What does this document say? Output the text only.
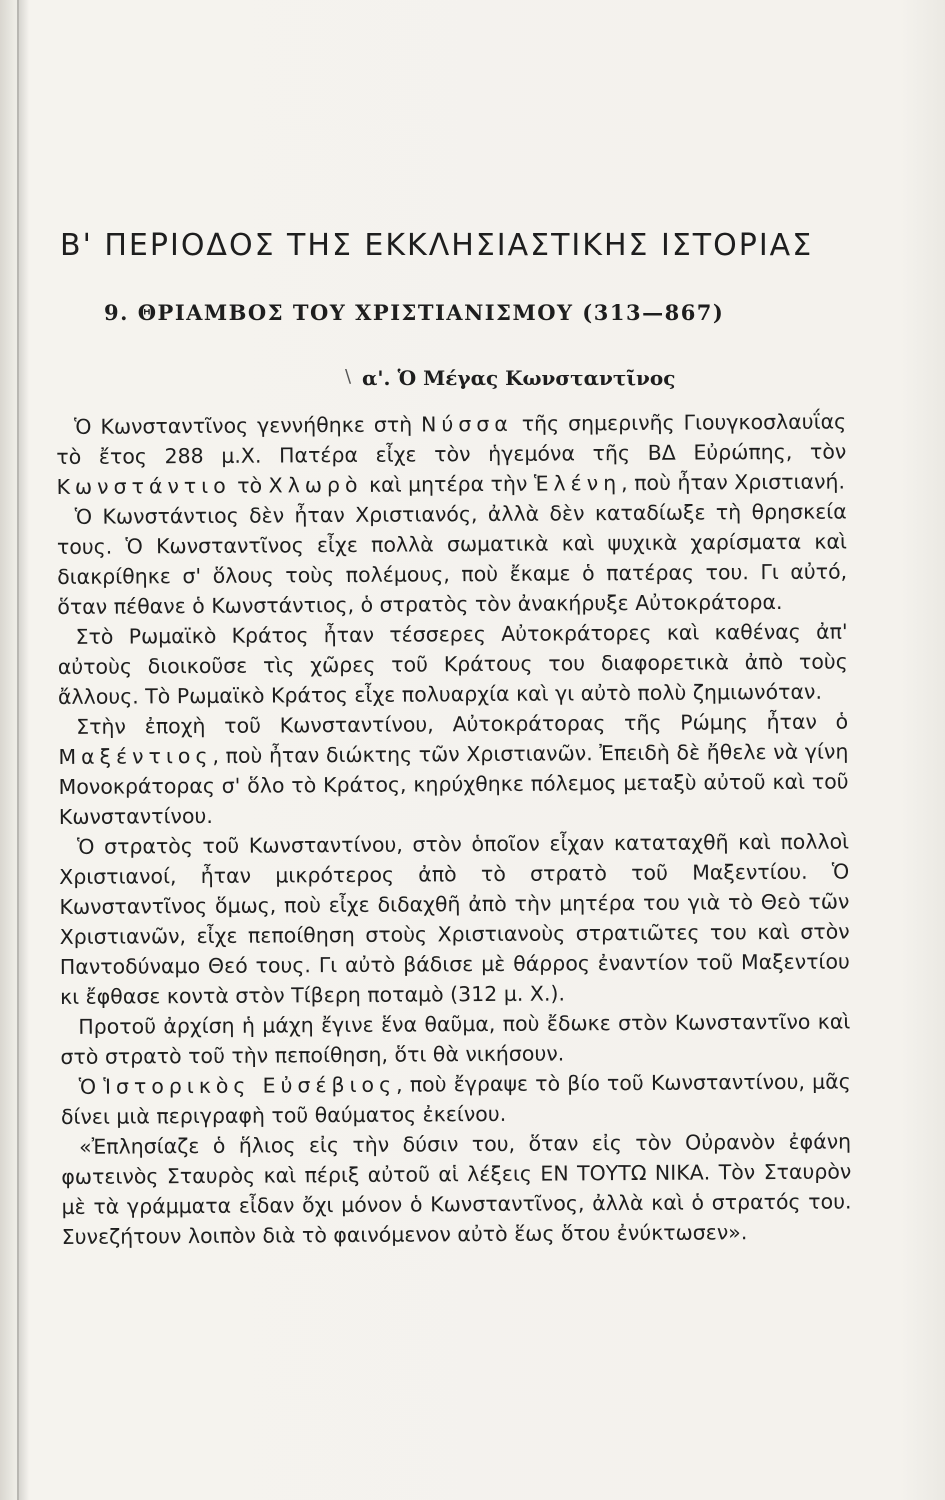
Β' ΠΕΡΙΟΔΟΣ ΤΗΣ ΕΚΚΛΗΣΙΑΣΤΙΚΗΣ ΙΣΤΟΡΙΑΣ
9. ΘΡΙΑΜΒΟΣ ΤΟΥ ΧΡΙΣΤΙΑΝΙΣΜΟΥ (313—867)
\ α'. Ὁ Μέγας Κωνσταντῖνος

Ὁ Κωνσταντῖνος γεννήθηκε στὴ Νύσσα τῆς σημερινῆς Γιουγκοσλαυΐας τὸ ἔτος 288 μ.Χ. Πατέρα εἶχε τὸν ἡγεμόνα τῆς ΒΔ Εὐρώπης, τὸν Κωνστάντιο τὸ Χλωρὸ καὶ μητέρα τὴν Ἑλένη, ποὺ ἦταν Χριστιανή.

Ὁ Κωνστάντιος δὲν ἦταν Χριστιανός, ἀλλὰ δὲν καταδίωξε τὴ θρησκεία τους. Ὁ Κωνσταντῖνος εἶχε πολλὰ σωματικὰ καὶ ψυχικὰ χαρίσματα καὶ διακρίθηκε σ' ὅλους τοὺς πολέμους, ποὺ ἔκαμε ὁ πατέρας του. Γι αὐτό, ὅταν πέθανε ὁ Κωνστάντιος, ὁ στρατὸς τὸν ἀνακήρυξε Αὐτοκράτορα.

Στὸ Ρωμαϊκὸ Κράτος ἦταν τέσσερες Αὐτοκράτορες καὶ καθένας ἀπ' αὐτοὺς διοικοῦσε τὶς χῶρες τοῦ Κράτους του διαφορετικὰ ἀπὸ τοὺς ἄλλους. Τὸ Ρωμαϊκὸ Κράτος εἶχε πολυαρχία καὶ γι αὐτὸ πολὺ ζημιωνόταν.

Στὴν ἐποχὴ τοῦ Κωνσταντίνου, Αὐτοκράτορας τῆς Ρώμης ἦταν ὁ Μαξέντιος, ποὺ ἦταν διώκτης τῶν Χριστιανῶν. Ἐπειδὴ δὲ ἤθελε νὰ γίνη Μονοκράτορας σ' ὅλο τὸ Κράτος, κηρύχθηκε πόλεμος μεταξὺ αὐτοῦ καὶ τοῦ Κωνσταντίνου.

Ὁ στρατὸς τοῦ Κωνσταντίνου, στὸν ὁποῖον εἶχαν καταταχθῆ καὶ πολλοὶ Χριστιανοί, ἦταν μικρότερος ἀπὸ τὸ στρατὸ τοῦ Μαξεντίου. Ὁ Κωνσταντῖνος ὅμως, ποὺ εἶχε διδαχθῆ ἀπὸ τὴν μητέρα του γιὰ τὸ Θεὸ τῶν Χριστιανῶν, εἶχε πεποίθηση στοὺς Χριστιανοὺς στρατιῶτες του καὶ στὸν Παντοδύναμο Θεό τους. Γι αὐτὸ βάδισε μὲ θάρρος ἐναντίον τοῦ Μαξεντίου κι ἔφθασε κοντὰ στὸν Τίβερη ποταμὸ (312 μ. Χ.).

Προτοῦ ἀρχίση ἡ μάχη ἔγινε ἕνα θαῦμα, ποὺ ἔδωκε στὸν Κωνσταντῖνο καὶ στὸ στρατὸ τοῦ τὴν πεποίθηση, ὅτι θὰ νικήσουν.

Ὁ Ἱστορικὸς Εὐσέβιος, ποὺ ἔγραψε τὸ βίο τοῦ Κωνσταντίνου, μᾶς δίνει μιὰ περιγραφὴ τοῦ θαύματος ἐκείνου.

«Ἐπλησίαζε ὁ ἥλιος εἰς τὴν δύσιν του, ὅταν εἰς τὸν Οὐρανὸν ἐφάνη φωτεινὸς Σταυρὸς καὶ πέριξ αὐτοῦ αἱ λέξεις ΕΝ ΤΟΥΤΩ ΝΙΚΑ. Τὸν Σταυρὸν μὲ τὰ γράμματα εἶδαν ὄχι μόνον ὁ Κωνσταντῖνος, ἀλλὰ καὶ ὁ στρατός του. Συνεζήτουν λοιπὸν διὰ τὸ φαινόμενον αὐτὸ ἕως ὅτου ἐνύκτωσεν».
